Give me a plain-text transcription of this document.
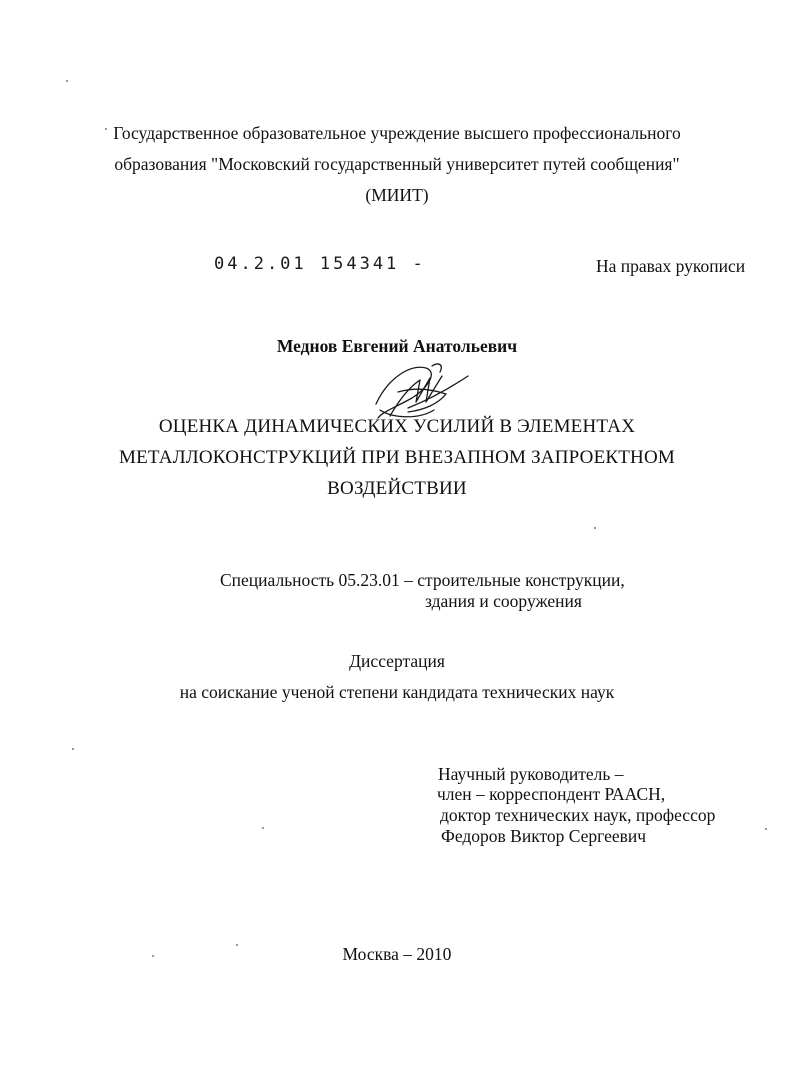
Государственное образовательное учреждение высшего профессионального
образования "Московский государственный университет путей сообщения"
(МИИТ)
04.2.01 154341 -	На правах рукописи
Меднов Евгений Анатольевич
ОЦЕНКА ДИНАМИЧЕСКИХ УСИЛИЙ В ЭЛЕМЕНТАХ
МЕТАЛЛОКОНСТРУКЦИЙ ПРИ ВНЕЗАПНОМ ЗАПРОЕКТНОМ
ВОЗДЕЙСТВИИ
Специальность 05.23.01 – строительные конструкции,
здания и сооружения
Диссертация
на соискание ученой степени кандидата технических наук
Научный руководитель –
член – корреспондент РААСН,
доктор технических наук, профессор
Федоров Виктор Сергеевич
Москва – 2010
